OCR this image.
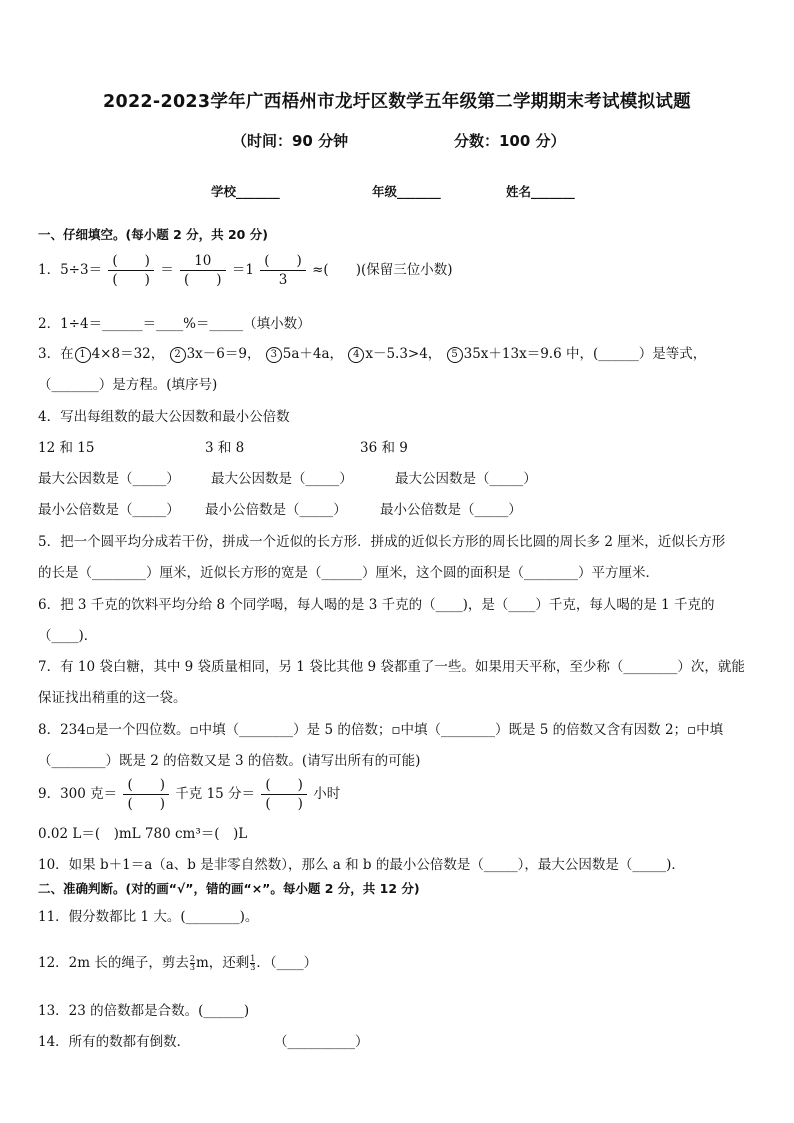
2022-2023学年广西梧州市龙圩区数学五年级第二学期期末考试模拟试题
（时间：90 分钟	分数：100 分）
学校_______	年级_______	姓名_______
一、仔细填空。(每小题 2 分，共 20 分)
1．$5\div 3= \frac{( )}{( )} = \frac{10}{( )} =1 \frac{( )}{3}$ ≈(　　)(保留三位小数)
2．1÷4＝______＝____%＝_____（填小数）
3．在 1 4×8＝32， 2 3x－6＝9， 3 5a＋4a， 4 x－5.3>4， 5 35x＋13x＝9.6 中，(______）是等式，
（_______）是方程。(填序号)
4．写出每组数的最大公因数和最小公倍数
12 和 15	3 和 8	36 和 9
最大公因数是（_____） 最大公因数是（_____）	最大公因数是（_____）
最小公倍数是（_____） 最小公倍数是（_____） 最小公倍数是（_____）
5．把一个圆平均分成若干份，拼成一个近似的长方形．拼成的近似长方形的周长比圆的周长多 2 厘米，近似长方形
的长是（________）厘米，近似长方形的宽是（______）厘米，这个圆的面积是（________）平方厘米．
6．把 3 千克的饮料平均分给 8 个同学喝，每人喝的是 3 千克的（____)，是（____）千克，每人喝的是 1 千克的
（____)．
7．有 10 袋白糖，其中 9 袋质量相同，另 1 袋比其他 9 袋都重了一些。如果用天平称，至少称（________）次，就能
保证找出稍重的这一袋。
8．234▫是一个四位数。▫中填（________）是 5 的倍数；▫中填（________）既是 5 的倍数又含有因数 2；▫中填
（________）既是 2 的倍数又是 3 的倍数。(请写出所有的可能)
9．300 克＝ $\frac{( )}{( )}$ 千克 15 分＝ $\frac{( )}{( )}$ 小时
0.02 L＝(　)mL 780 cm³＝(　)L
10．如果 b＋1＝a（a、b 是非零自然数），那么 a 和 b 的最小公倍数是（_____），最大公因数是（_____)．
二、准确判断。(对的画“√”，错的画“×”。每小题 2 分，共 12 分)
11．假分数都比 1 大。(________)。
12．2m 长的绳子，剪去 $\frac{2}{3}m$，还剩 $\frac{1}{3}$．（____）
13．23 的倍数都是合数。(______)
14．所有的数都有倒数．	（__________）
